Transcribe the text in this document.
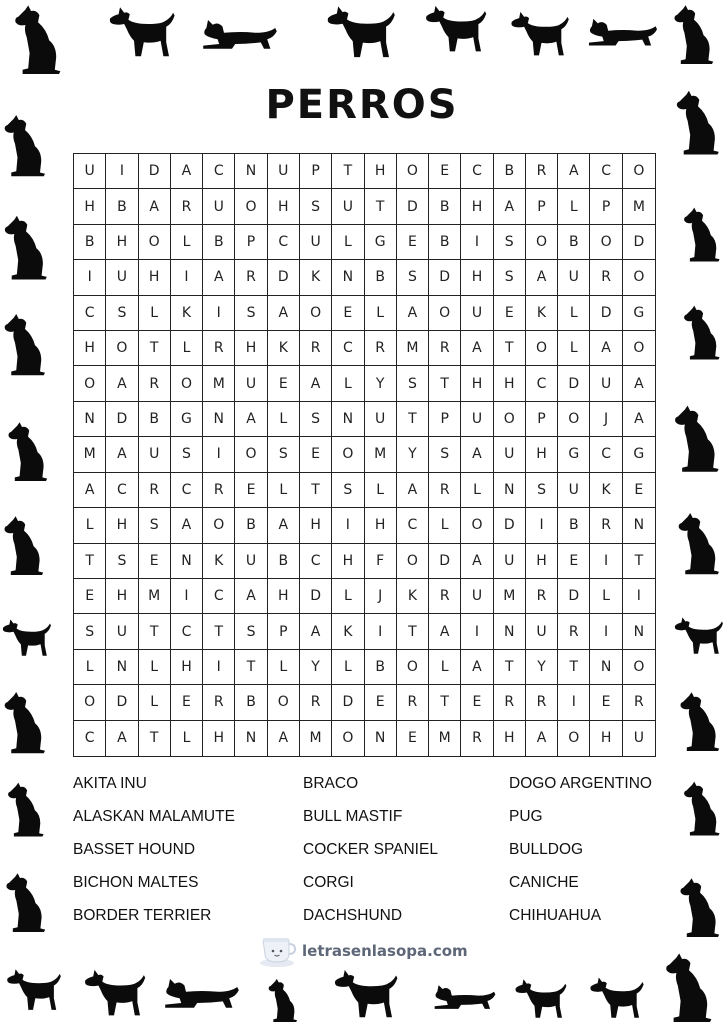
PERROS
U	I	D	A	C	N	U	P	T	H	O	E	C	B	R	A	C	O
H	B	A	R	U	O	H	S	U	T	D	B	H	A	P	L	P	M
B	H	O	L	B	P	C	U	L	G	E	B	I	S	O	B	O	D
I	U	H	I	A	R	D	K	N	B	S	D	H	S	A	U	R	O
C	S	L	K	I	S	A	O	E	L	A	O	U	E	K	L	D	G
H	O	T	L	R	H	K	R	C	R	M	R	A	T	O	L	A	O
O	A	R	O	M	U	E	A	L	Y	S	T	H	H	C	D	U	A
N	D	B	G	N	A	L	S	N	U	T	P	U	O	P	O	J	A
M	A	U	S	I	O	S	E	O	M	Y	S	A	U	H	G	C	G
A	C	R	C	R	E	L	T	S	L	A	R	L	N	S	U	K	E
L	H	S	A	O	B	A	H	I	H	C	L	O	D	I	B	R	N
T	S	E	N	K	U	B	C	H	F	O	D	A	U	H	E	I	T
E	H	M	I	C	A	H	D	L	J	K	R	U	M	R	D	L	I
S	U	T	C	T	S	P	A	K	I	T	A	I	N	U	R	I	N
L	N	L	H	I	T	L	Y	L	B	O	L	A	T	Y	T	N	O
O	D	L	E	R	B	O	R	D	E	R	T	E	R	R	I	E	R
C	A	T	L	H	N	A	M	O	N	E	M	R	H	A	O	H	U
AKITA INU
ALASKAN MALAMUTE
BASSET HOUND
BICHON MALTES
BORDER TERRIER
BRACO
BULL MASTIF
COCKER SPANIEL
CORGI
DACHSHUND
DOGO ARGENTINO
PUG
BULLDOG
CANICHE
CHIHUAHUA
letrasenlasopa.com
